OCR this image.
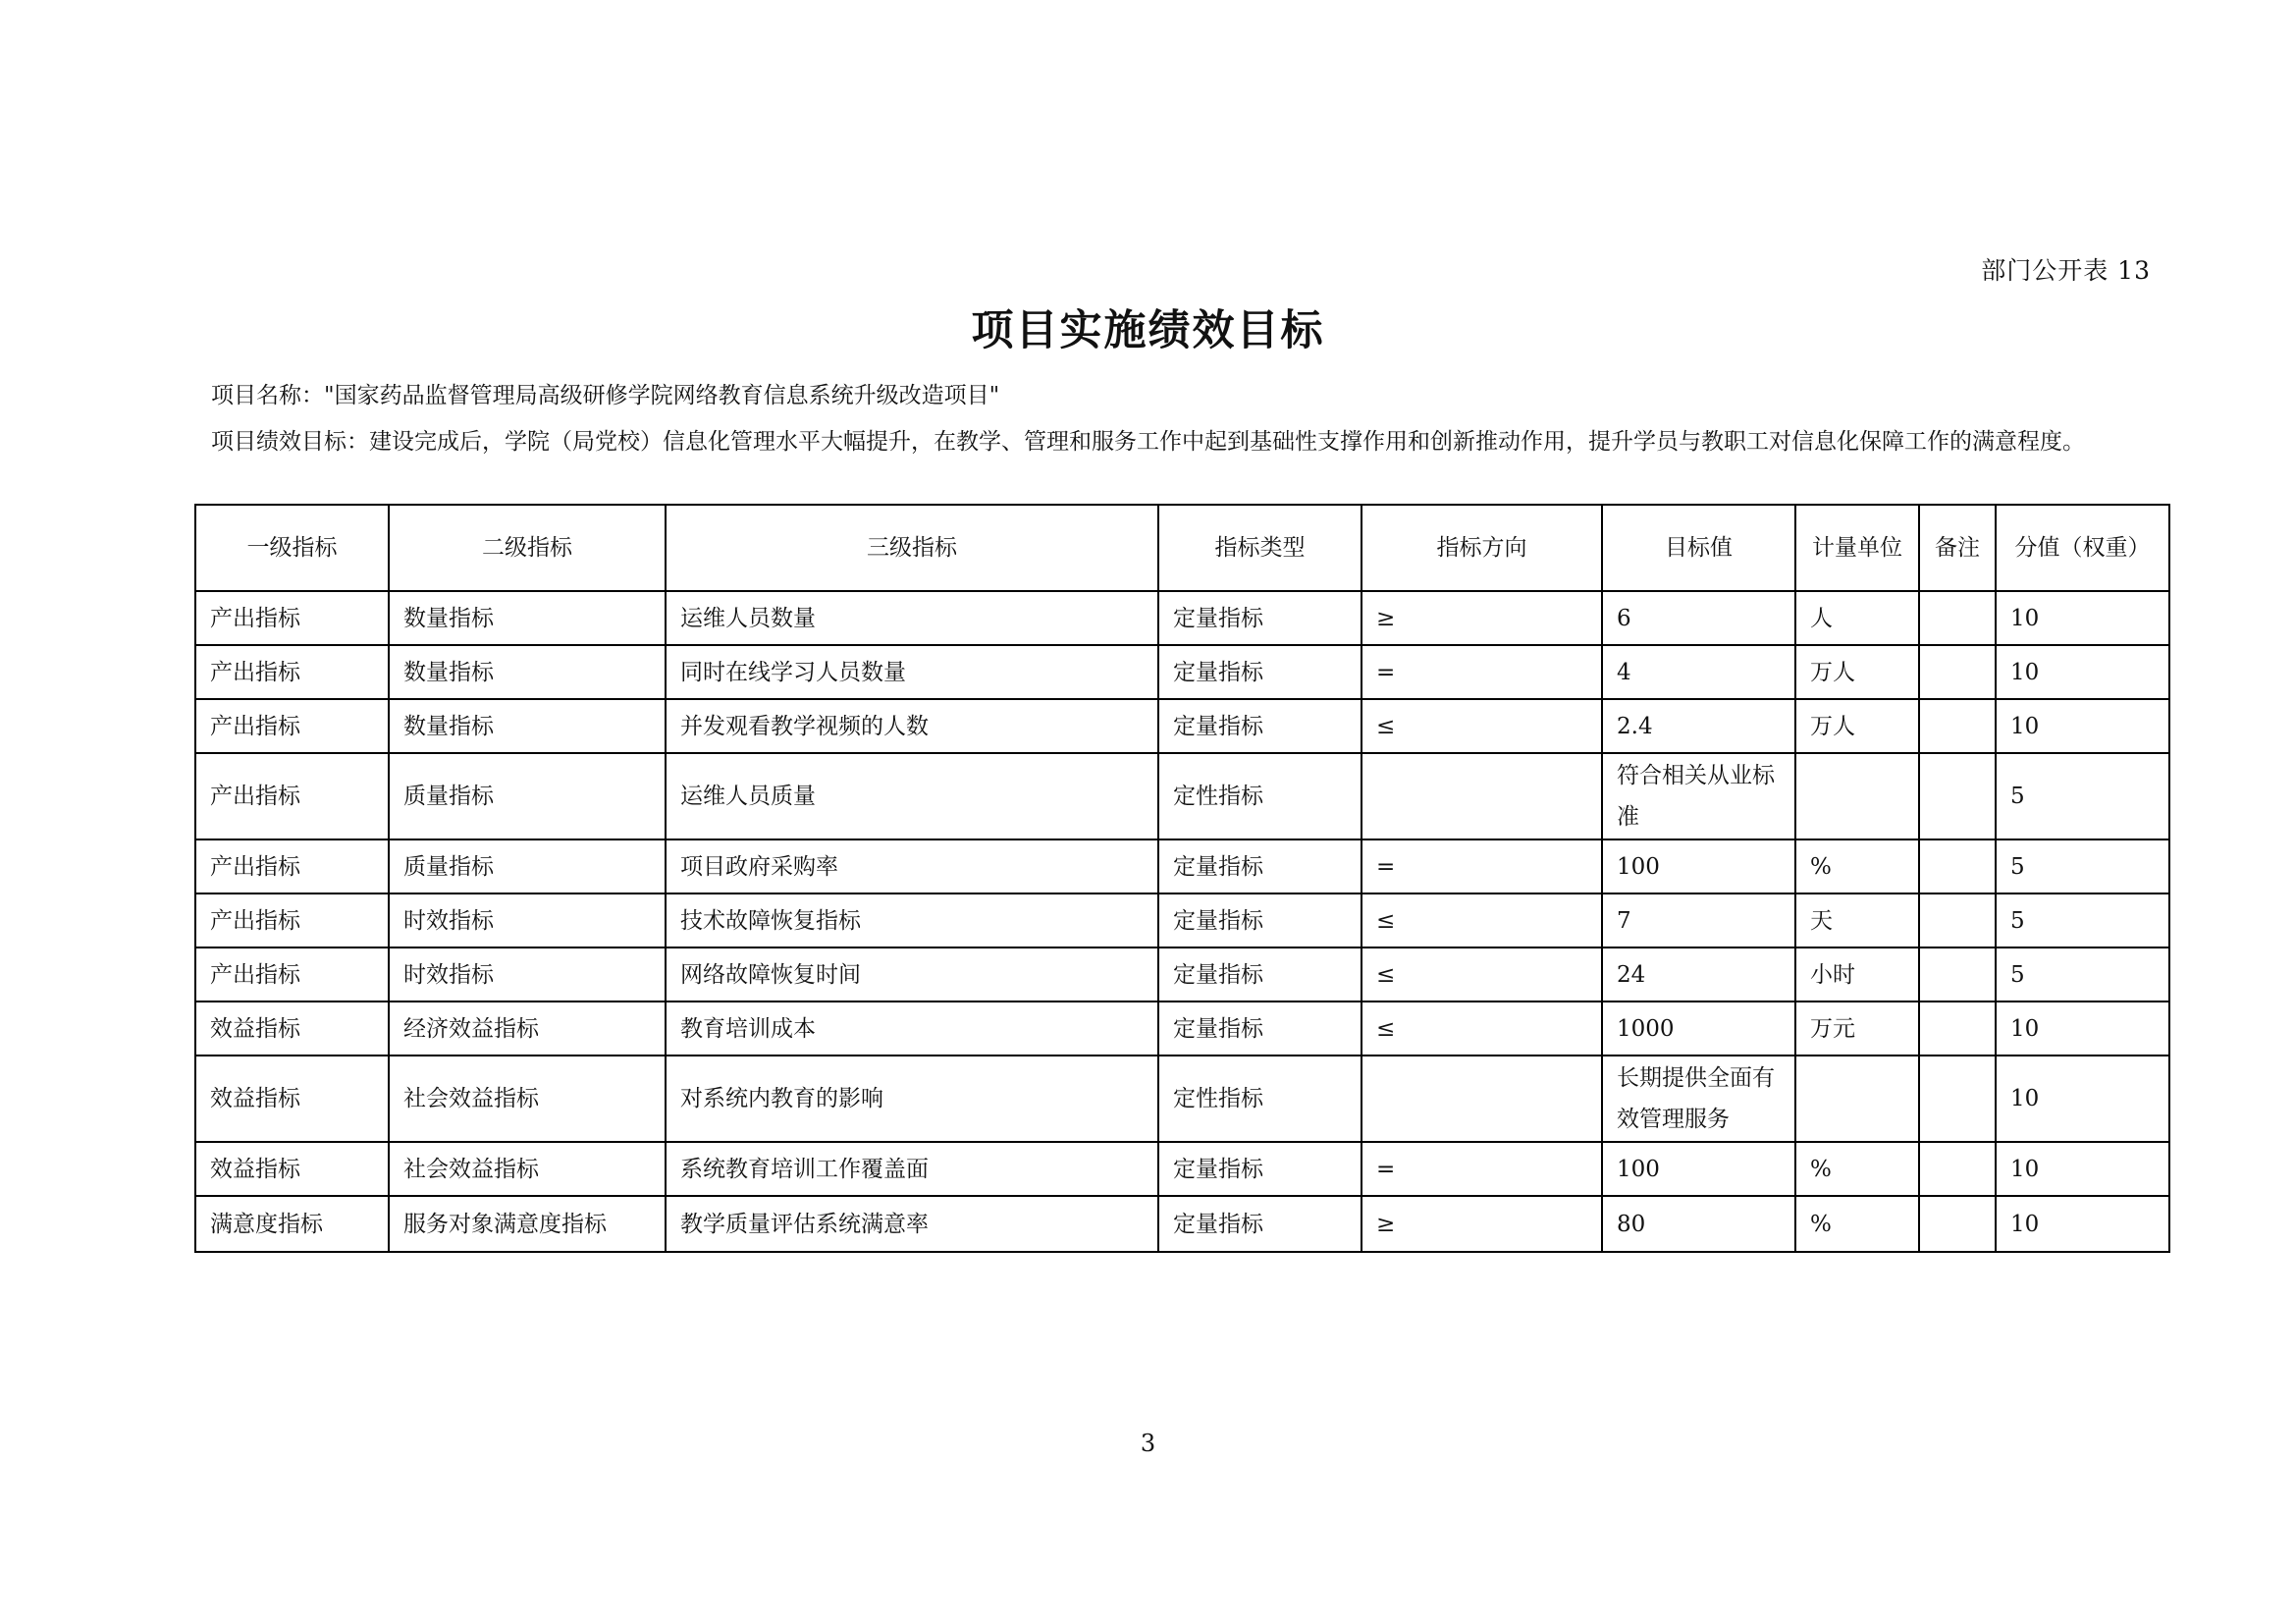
部门公开表 13
项目实施绩效目标
项目名称："国家药品监督管理局高级研修学院网络教育信息系统升级改造项目"
项目绩效目标：建设完成后，学院（局党校）信息化管理水平大幅提升，在教学、管理和服务工作中起到基础性支撑作用和创新推动作用，提升学员与教职工对信息化保障工作的满意程度。
一级指标	二级指标	三级指标	指标类型	指标方向	目标值	计量单位	备注	分值（权重）
产出指标	数量指标	运维人员数量	定量指标	≥	6	人		10
产出指标	数量指标	同时在线学习人员数量	定量指标	=	4	万人		10
产出指标	数量指标	并发观看教学视频的人数	定量指标	≤	2.4	万人		10
产出指标	质量指标	运维人员质量	定性指标		符合相关从业标准			5
产出指标	质量指标	项目政府采购率	定量指标	=	100	%		5
产出指标	时效指标	技术故障恢复指标	定量指标	≤	7	天		5
产出指标	时效指标	网络故障恢复时间	定量指标	≤	24	小时		5
效益指标	经济效益指标	教育培训成本	定量指标	≤	1000	万元		10
效益指标	社会效益指标	对系统内教育的影响	定性指标		长期提供全面有效管理服务			10
效益指标	社会效益指标	系统教育培训工作覆盖面	定量指标	=	100	%		10
满意度指标	服务对象满意度指标	教学质量评估系统满意率	定量指标	≥	80	%		10
3
